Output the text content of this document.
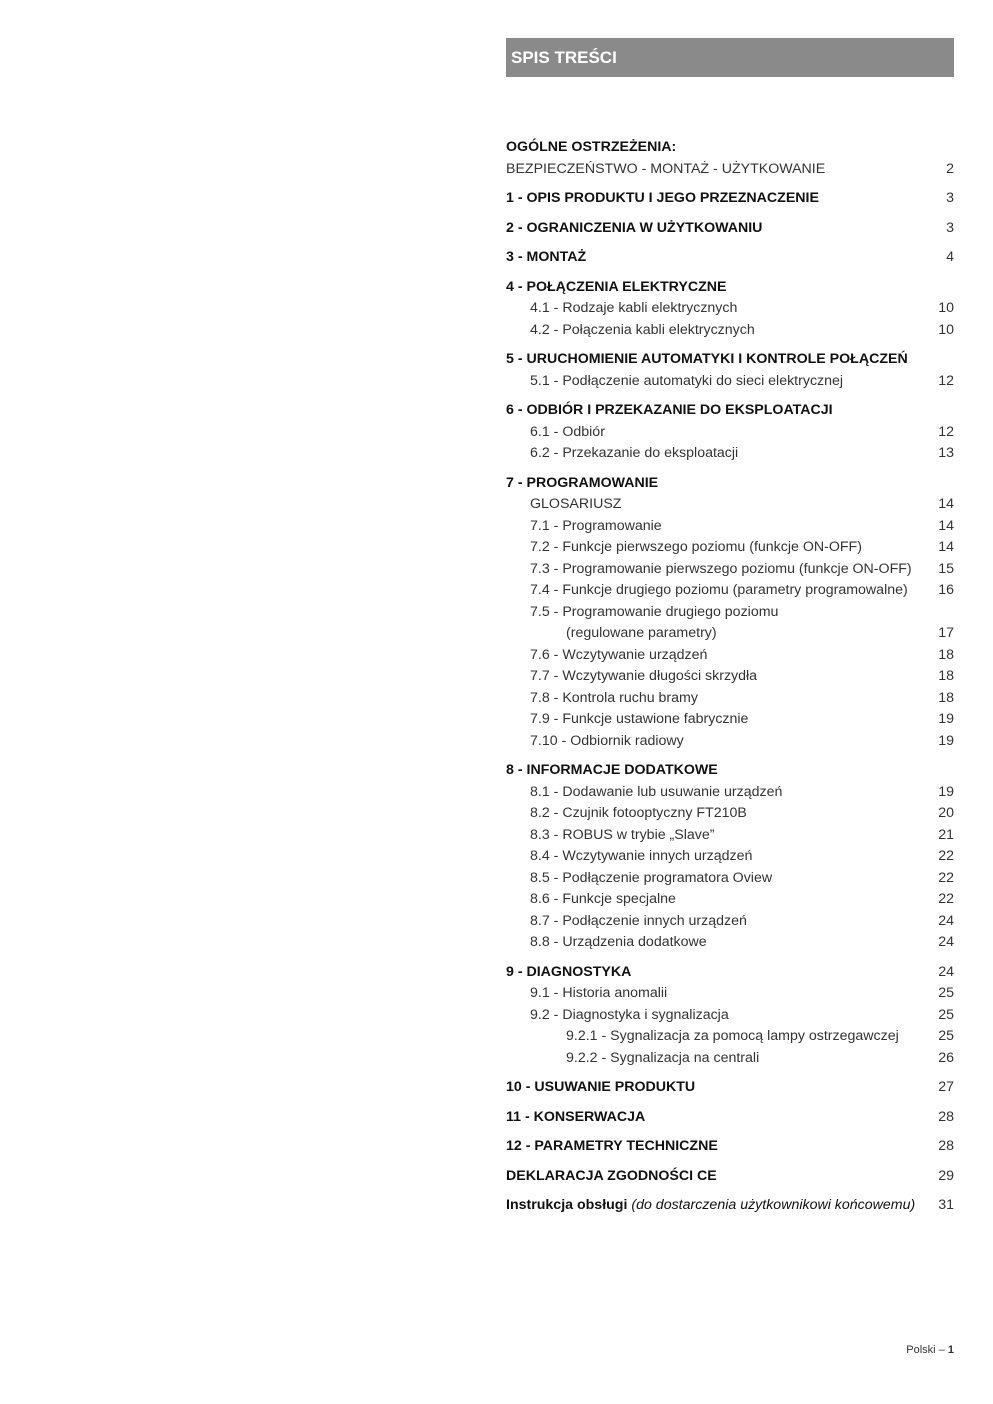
SPIS TREŚCI
OGÓLNE OSTRZEŻENIA:
BEZPIECZEŃSTWO - MONTAŻ - UŻYTKOWANIE	2
1 - OPIS PRODUKTU I JEGO PRZEZNACZENIE	3
2 - OGRANICZENIA W UŻYTKOWANIU	3
3 - MONTAŻ	4
4 - POŁĄCZENIA ELEKTRYCZNE
4.1 - Rodzaje kabli elektrycznych	10
4.2 - Połączenia kabli elektrycznych	10
5 - URUCHOMIENIE AUTOMATYKI I KONTROLE POŁĄCZEŃ
5.1 - Podłączenie automatyki do sieci elektrycznej	12
6 - ODBIÓR I PRZEKAZANIE DO EKSPLOATACJI
6.1 - Odbiór	12
6.2 - Przekazanie do eksploatacji	13
7 - PROGRAMOWANIE
GLOSARIUSZ	14
7.1 - Programowanie	14
7.2 - Funkcje pierwszego poziomu (funkcje ON-OFF)	14
7.3 - Programowanie pierwszego poziomu (funkcje ON-OFF)	15
7.4 - Funkcje drugiego poziomu (parametry programowalne)	16
7.5 - Programowanie drugiego poziomu
(regulowane parametry)	17
7.6 - Wczytywanie urządzeń	18
7.7 - Wczytywanie długości skrzydła	18
7.8 - Kontrola ruchu bramy	18
7.9 - Funkcje ustawione fabrycznie	19
7.10 - Odbiornik radiowy	19
8 - INFORMACJE DODATKOWE
8.1 - Dodawanie lub usuwanie urządzeń	19
8.2 - Czujnik fotooptyczny FT210B	20
8.3 - ROBUS w trybie „Slave”	21
8.4 - Wczytywanie innych urządzeń	22
8.5 - Podłączenie programatora Oview	22
8.6 - Funkcje specjalne	22
8.7 - Podłączenie innych urządzeń	24
8.8 - Urządzenia dodatkowe	24
9 - DIAGNOSTYKA	24
9.1 - Historia anomalii	25
9.2 - Diagnostyka i sygnalizacja	25
9.2.1 - Sygnalizacja za pomocą lampy ostrzegawczej	25
9.2.2 - Sygnalizacja na centrali	26
10 - USUWANIE PRODUKTU	27
11 - KONSERWACJA	28
12 - PARAMETRY TECHNICZNE	28
DEKLARACJA ZGODNOŚCI CE	29
Instrukcja obsługi (do dostarczenia użytkownikowi końcowemu)	31
Polski – 1
